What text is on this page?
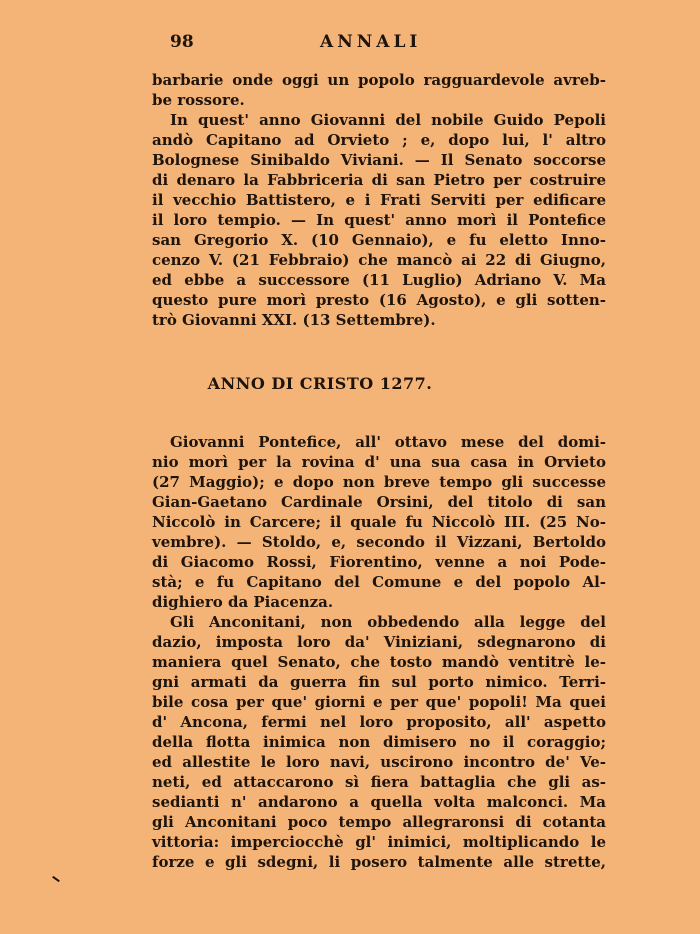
98	ANNALI
barbarie onde oggi un popolo ragguardevole avreb-
be rossore.
In quest' anno Giovanni del nobile Guido Pepoli
andò Capitano ad Orvieto ; e, dopo lui, l' altro
Bolognese Sinibaldo Viviani. — Il Senato soccorse
di denaro la Fabbriceria di san Pietro per costruire
il vecchio Battistero, e i Frati Serviti per edificare
il loro tempio. — In quest' anno morì il Pontefice
san Gregorio X. (10 Gennaio), e fu eletto Inno-
cenzo V. (21 Febbraio) che mancò ai 22 di Giugno,
ed ebbe a successore (11 Luglio) Adriano V. Ma
questo pure morì presto (16 Agosto), e gli sotten-
trò Giovanni XXI. (13 Settembre).
ANNO DI CRISTO 1277.
Giovanni Pontefice, all' ottavo mese del domi-
nio morì per la rovina d' una sua casa in Orvieto
(27 Maggio); e dopo non breve tempo gli successe
Gian-Gaetano Cardinale Orsini, del titolo di san
Niccolò in Carcere; il quale fu Niccolò III. (25 No-
vembre). — Stoldo, e, secondo il Vizzani, Bertoldo
di Giacomo Rossi, Fiorentino, venne a noi Pode-
stà; e fu Capitano del Comune e del popolo Al-
dighiero da Piacenza.
Gli Anconitani, non obbedendo alla legge del
dazio, imposta loro da' Viniziani, sdegnarono di
maniera quel Senato, che tosto mandò ventitrè le-
gni armati da guerra fin sul porto nimico. Terri-
bile cosa per que' giorni e per que' popoli! Ma quei
d' Ancona, fermi nel loro proposito, all' aspetto
della flotta inimica non dimisero no il coraggio;
ed allestite le loro navi, uscirono incontro de' Ve-
neti, ed attaccarono sì fiera battaglia che gli as-
sedianti n' andarono a quella volta malconci. Ma
gli Anconitani poco tempo allegraronsi di cotanta
vittoria: imperciocchè gl' inimici, moltiplicando le
forze e gli sdegni, li posero talmente alle strette,
